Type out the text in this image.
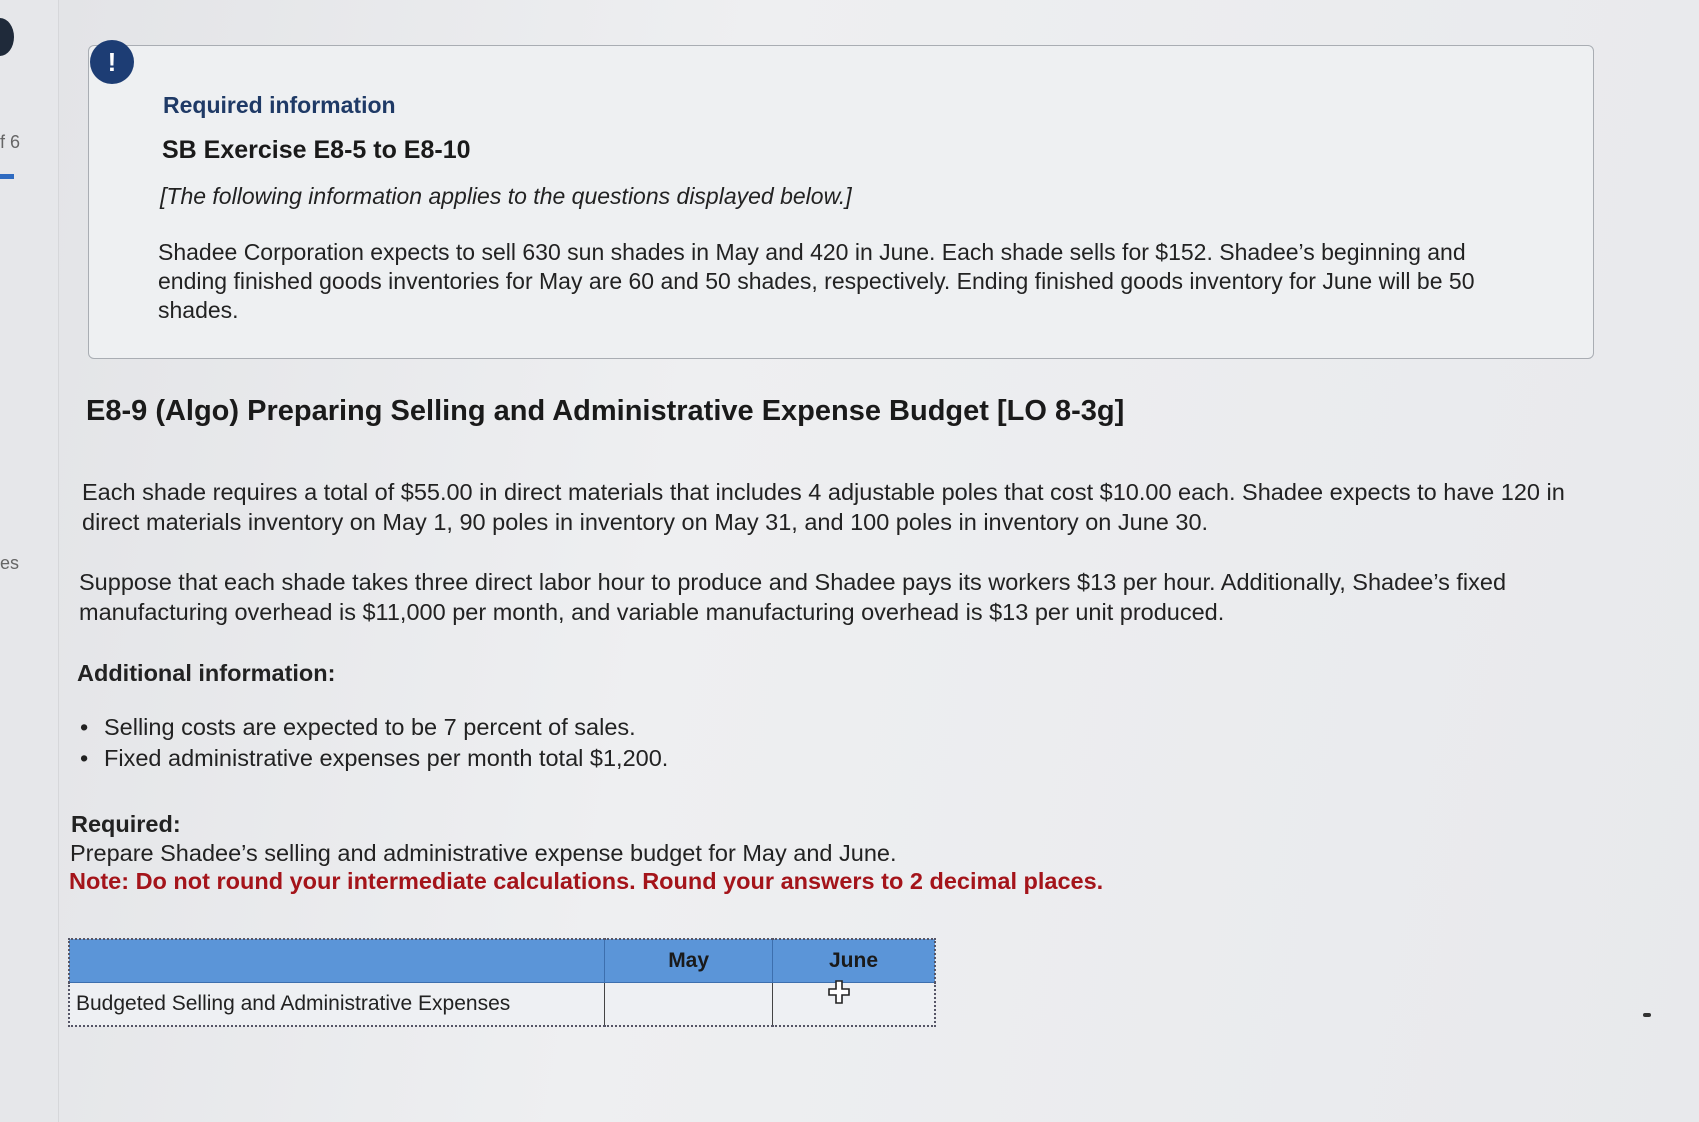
f 6
es
!
Required information
SB Exercise E8-5 to E8-10
[The following information applies to the questions displayed below.]
Shadee Corporation expects to sell 630 sun shades in May and 420 in June. Each shade sells for $152. Shadee’s beginning and ending finished goods inventories for May are 60 and 50 shades, respectively. Ending finished goods inventory for June will be 50 shades.
E8-9 (Algo) Preparing Selling and Administrative Expense Budget [LO 8-3g]
Each shade requires a total of $55.00 in direct materials that includes 4 adjustable poles that cost $10.00 each. Shadee expects to have 120 in direct materials inventory on May 1, 90 poles in inventory on May 31, and 100 poles in inventory on June 30.
Suppose that each shade takes three direct labor hour to produce and Shadee pays its workers $13 per hour. Additionally, Shadee’s fixed manufacturing overhead is $11,000 per month, and variable manufacturing overhead is $13 per unit produced.
Additional information:
• Selling costs are expected to be 7 percent of sales.
• Fixed administrative expenses per month total $1,200.
Required:
Prepare Shadee’s selling and administrative expense budget for May and June.
Note: Do not round your intermediate calculations. Round your answers to 2 decimal places.
	May	June
Budgeted Selling and Administrative Expenses		
